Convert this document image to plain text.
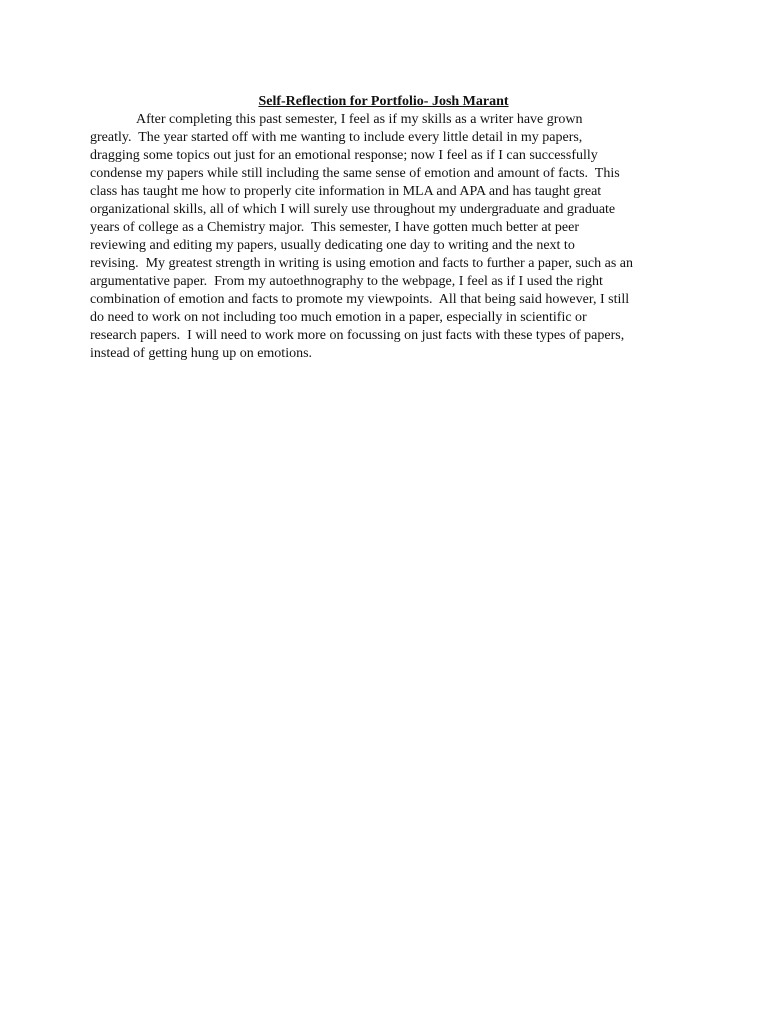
Self-Reflection for Portfolio- Josh Marant

After completing this past semester, I feel as if my skills as a writer have grown
greatly.  The year started off with me wanting to include every little detail in my papers,
dragging some topics out just for an emotional response; now I feel as if I can successfully
condense my papers while still including the same sense of emotion and amount of facts.  This
class has taught me how to properly cite information in MLA and APA and has taught great
organizational skills, all of which I will surely use throughout my undergraduate and graduate
years of college as a Chemistry major.  This semester, I have gotten much better at peer
reviewing and editing my papers, usually dedicating one day to writing and the next to
revising.  My greatest strength in writing is using emotion and facts to further a paper, such as an
argumentative paper.  From my autoethnography to the webpage, I feel as if I used the right
combination of emotion and facts to promote my viewpoints.  All that being said however, I still
do need to work on not including too much emotion in a paper, especially in scientific or
research papers.  I will need to work more on focussing on just facts with these types of papers,
instead of getting hung up on emotions.
